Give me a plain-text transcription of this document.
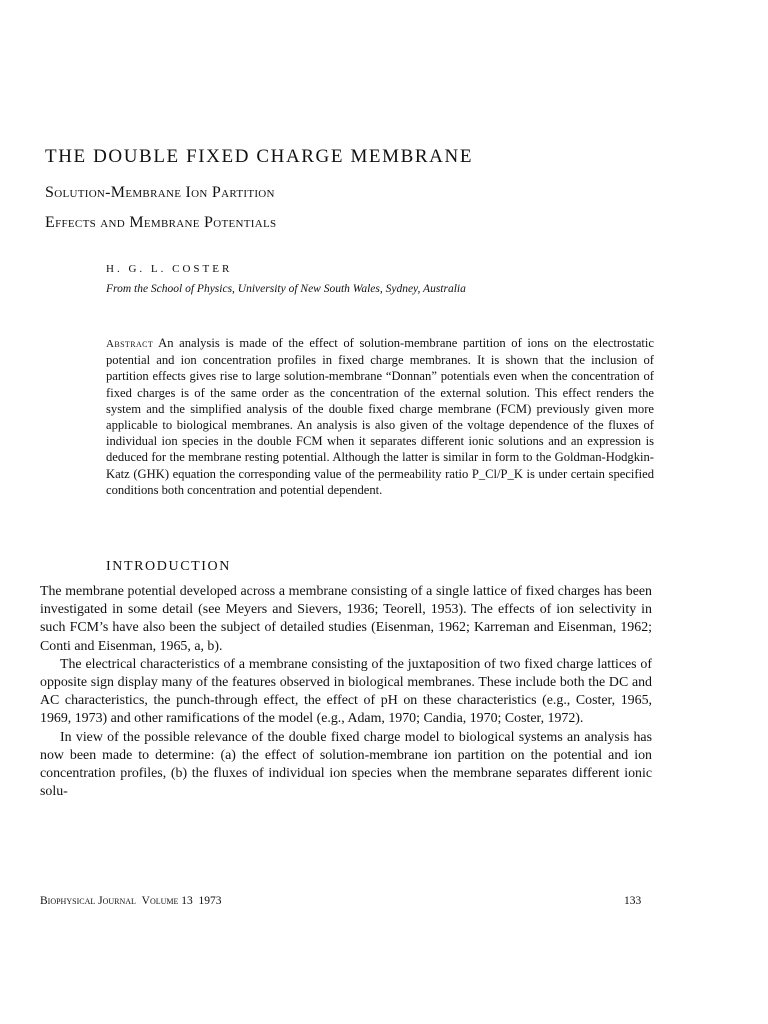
THE DOUBLE FIXED CHARGE MEMBRANE
Solution-Membrane Ion Partition
Effects and Membrane Potentials
H. G. L. COSTER
From the School of Physics, University of New South Wales, Sydney, Australia

Abstract An analysis is made of the effect of solution-membrane partition of ions on the electrostatic potential and ion concentration profiles in fixed charge membranes. It is shown that the inclusion of partition effects gives rise to large solution-membrane “Donnan” potentials even when the concentration of fixed charges is of the same order as the concentration of the external solution. This effect renders the system and the simplified analysis of the double fixed charge membrane (FCM) previously given more applicable to biological membranes. An analysis is also given of the voltage dependence of the fluxes of individual ion species in the double FCM when it separates different ionic solutions and an expression is deduced for the membrane resting potential. Although the latter is similar in form to the Goldman-Hodgkin-Katz (GHK) equation the corresponding value of the permeability ratio P_Cl/P_K is under certain specified conditions both concentration and potential dependent.

INTRODUCTION

The membrane potential developed across a membrane consisting of a single lattice of fixed charges has been investigated in some detail (see Meyers and Sievers, 1936; Teorell, 1953). The effects of ion selectivity in such FCM’s have also been the subject of detailed studies (Eisenman, 1962; Karreman and Eisenman, 1962; Conti and Eisenman, 1965, a, b).

The electrical characteristics of a membrane consisting of the juxtaposition of two fixed charge lattices of opposite sign display many of the features observed in biological membranes. These include both the DC and AC characteristics, the punch-through effect, the effect of pH on these characteristics (e.g., Coster, 1965, 1969, 1973) and other ramifications of the model (e.g., Adam, 1970; Candia, 1970; Coster, 1972).

In view of the possible relevance of the double fixed charge model to biological systems an analysis has now been made to determine: (a) the effect of solution-membrane ion partition on the potential and ion concentration profiles, (b) the fluxes of individual ion species when the membrane separates different ionic solu-

Biophysical Journal Volume 13 1973	133
